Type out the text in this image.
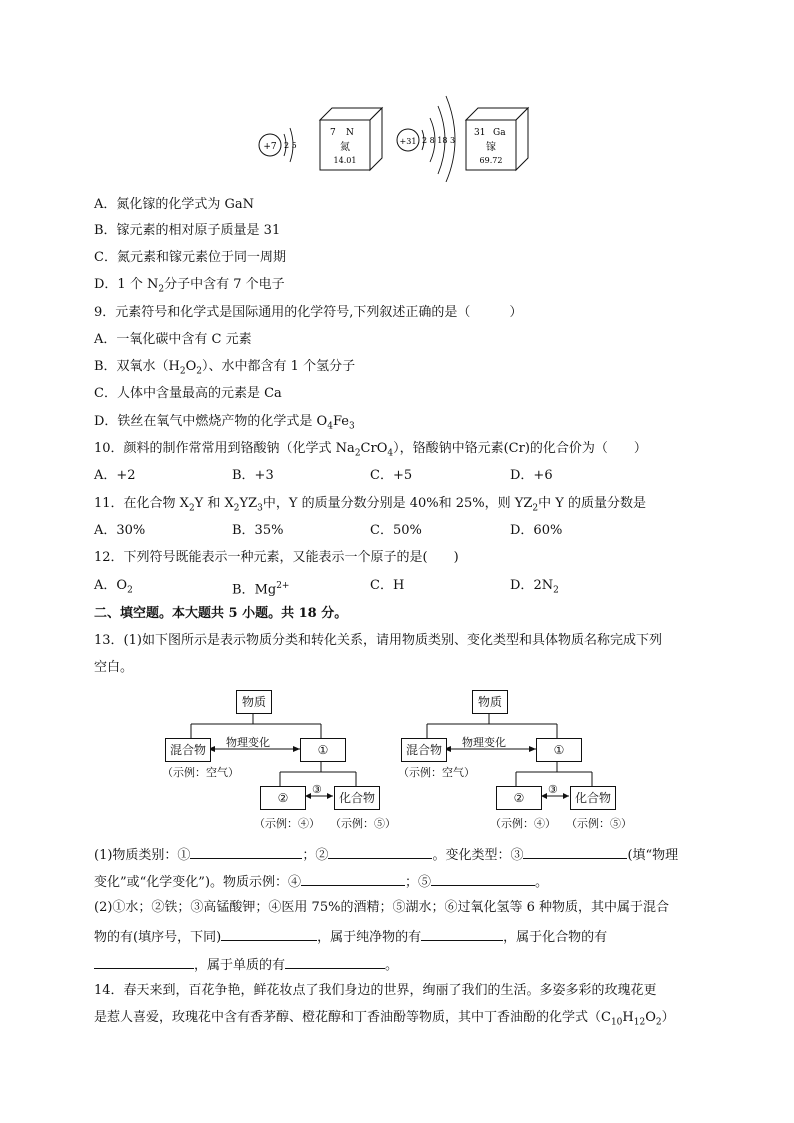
+7 2 5
7 N
氮
14.01
+31 2 8 18 3
31 Ga
镓
69.72
A．氮化镓的化学式为 GaN
B．镓元素的相对原子质量是 31
C．氮元素和镓元素位于同一周期
D．1 个 $N_2$分子中含有 7 个电子
9．元素符号和化学式是国际通用的化学符号,下列叙述正确的是（　　　）
A．一氧化碳中含有 C 元素
B．双氧水$(H_2O_2)$、水中都含有 1 个氢分子
C．人体中含量最高的元素是 Ca
D．铁丝在氧气中燃烧产物的化学式是 $O_4Fe_3$
10．颜料的制作常常用到铬酸钠（化学式 $Na_2CrO_4$），铬酸钠中铬元素(Cr)的化合价为（　　）
A．+2	B．+3	C．+5	D．+6
11．在化合物 $X_2Y$ 和 $X_2YZ_3$中，Y 的质量分数分别是 40%和 25%，则 $YZ_2$中 Y 的质量分数是
A．30%	B．35%	C．50%	D．60%
12．下列符号既能表示一种元素，又能表示一个原子的是(　　)
A．$O_2$	B．$Mg^{2+}$	C．H	D．$2N_2$
二、填空题。本大题共 5 小题。共 18 分。
13．(1)如下图所示是表示物质分类和转化关系，请用物质类别、变化类型和具体物质名称完成下列
空白。
物质
混合物
物理变化
①
（示例：空气）
②
③
化合物
（示例：④） （示例：⑤）
物质
混合物
物理变化
①
（示例：空气）
②
③
化合物
（示例：④） （示例：⑤）
(1)物质类别：①	；②	。变化类型：③	(填“物理
变化”或“化学变化”)。物质示例：④	；⑤	。
(2)①水；②铁；③高锰酸钾；④医用 75%的酒精；⑤湖水；⑥过氧化氢等 6 种物质，其中属于混合
物的有(填序号，下同)	，属于纯净物的有	，属于化合物的有
，属于单质的有	。
14．春天来到，百花争艳，鲜花妆点了我们身边的世界，绚丽了我们的生活。多姿多彩的玫瑰花更
是惹人喜爱，玫瑰花中含有香茅醇、橙花醇和丁香油酚等物质，其中丁香油酚的化学式$(C_{10}H_{12}O_2)$
